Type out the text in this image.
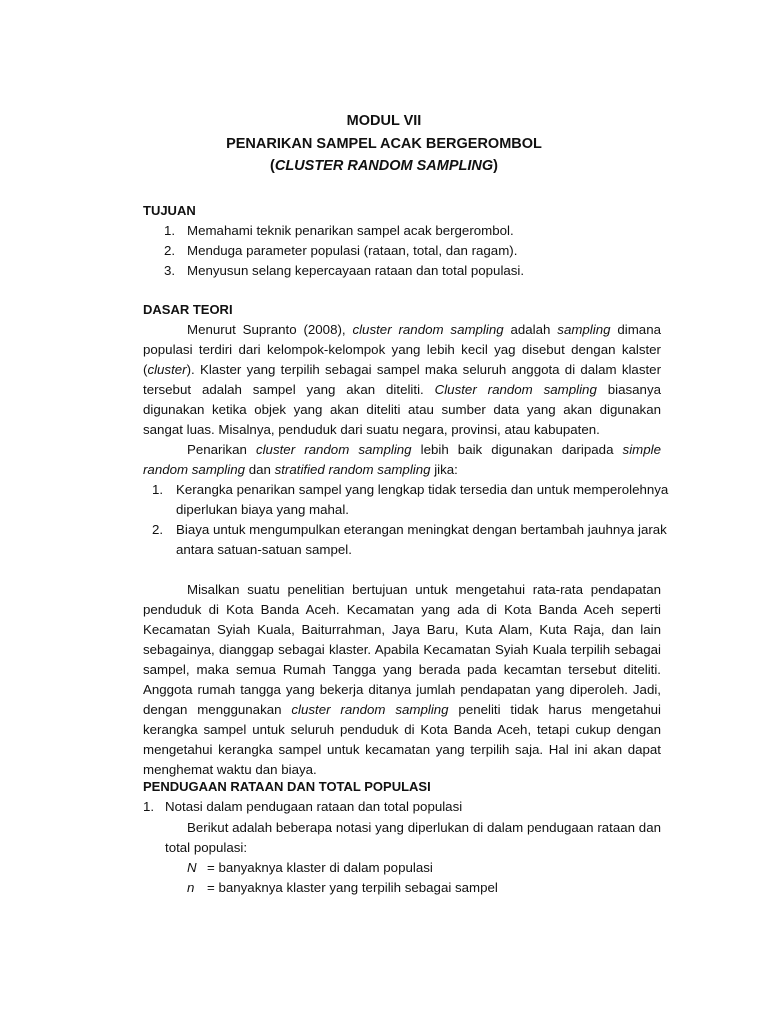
MODUL VII
PENARIKAN SAMPEL ACAK BERGEROMBOL
(CLUSTER RANDOM SAMPLING)
TUJUAN
1. Memahami teknik penarikan sampel acak bergerombol.
2. Menduga parameter populasi (rataan, total, dan ragam).
3. Menyusun selang kepercayaan rataan dan total populasi.
DASAR TEORI
Menurut Supranto (2008), cluster random sampling adalah sampling dimana populasi terdiri dari kelompok-kelompok yang lebih kecil yag disebut dengan kalster (cluster). Klaster yang terpilih sebagai sampel maka seluruh anggota di dalam klaster tersebut adalah sampel yang akan diteliti. Cluster random sampling biasanya digunakan ketika objek yang akan diteliti atau sumber data yang akan digunakan sangat luas. Misalnya, penduduk dari suatu negara, provinsi, atau kabupaten.
Penarikan cluster random sampling lebih baik digunakan daripada simple random sampling dan stratified random sampling jika:
1. Kerangka penarikan sampel yang lengkap tidak tersedia dan untuk memperolehnya
diperlukan biaya yang mahal.
2. Biaya untuk mengumpulkan eterangan meningkat dengan bertambah jauhnya jarak
antara satuan-satuan sampel.
Misalkan suatu penelitian bertujuan untuk mengetahui rata-rata pendapatan penduduk di Kota Banda Aceh. Kecamatan yang ada di Kota Banda Aceh seperti Kecamatan Syiah Kuala, Baiturrahman, Jaya Baru, Kuta Alam, Kuta Raja, dan lain sebagainya, dianggap sebagai klaster. Apabila Kecamatan Syiah Kuala terpilih sebagai sampel, maka semua Rumah Tangga yang berada pada kecamtan tersebut diteliti. Anggota rumah tangga yang bekerja ditanya jumlah pendapatan yang diperoleh. Jadi, dengan menggunakan cluster random sampling peneliti tidak harus mengetahui kerangka sampel untuk seluruh penduduk di Kota Banda Aceh, tetapi cukup dengan mengetahui kerangka sampel untuk kecamatan yang terpilih saja. Hal ini akan dapat menghemat waktu dan biaya.
PENDUGAAN RATAAN DAN TOTAL POPULASI
1. Notasi dalam pendugaan rataan dan total populasi
Berikut adalah beberapa notasi yang diperlukan di dalam pendugaan rataan dan total populasi:
N = banyaknya klaster di dalam populasi
n = banyaknya klaster yang terpilih sebagai sampel
